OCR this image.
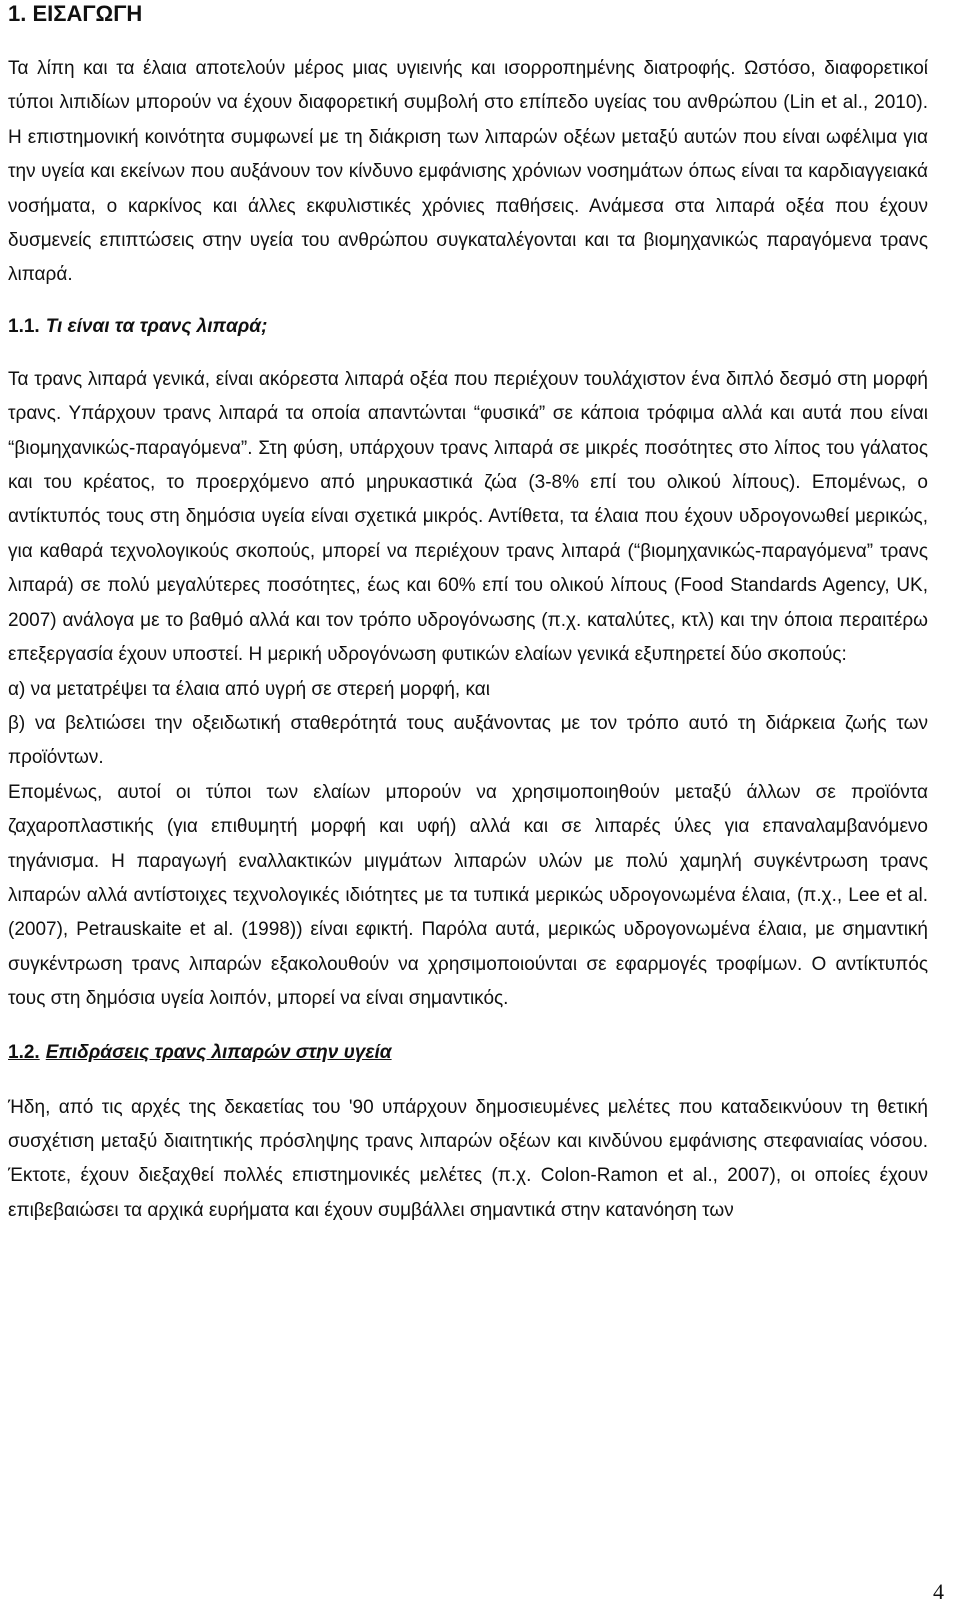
1. ΕΙΣΑΓΩΓΗ

Τα λίπη και τα έλαια αποτελούν μέρος μιας υγιεινής και ισορροπημένης διατροφής. Ωστόσο, διαφορετικοί τύποι λιπιδίων μπορούν να έχουν διαφορετική συμβολή στο επίπεδο υγείας του ανθρώπου (Lin et al., 2010). Η επιστημονική κοινότητα συμφωνεί με τη διάκριση των λιπαρών οξέων μεταξύ αυτών που είναι ωφέλιμα για την υγεία και εκείνων που αυξάνουν τον κίνδυνο εμφάνισης χρόνιων νοσημάτων όπως είναι τα καρδιαγγειακά νοσήματα, ο καρκίνος και άλλες εκφυλιστικές χρόνιες παθήσεις. Ανάμεσα στα λιπαρά οξέα που έχουν δυσμενείς επιπτώσεις στην υγεία του ανθρώπου συγκαταλέγονται και τα βιομηχανικώς παραγόμενα τρανς λιπαρά.

1.1. Τι είναι τα τρανς λιπαρά;

Τα τρανς λιπαρά γενικά, είναι ακόρεστα λιπαρά οξέα που περιέχουν τουλάχιστον ένα διπλό δεσμό στη μορφή τρανς. Υπάρχουν τρανς λιπαρά τα οποία απαντώνται “φυσικά” σε κάποια τρόφιμα αλλά και αυτά που είναι “βιομηχανικώς-παραγόμενα”. Στη φύση, υπάρχουν τρανς λιπαρά σε μικρές ποσότητες στο λίπος του γάλατος και του κρέατος, το προερχόμενο από μηρυκαστικά ζώα (3-8% επί του ολικού λίπους). Επομένως, ο αντίκτυπός τους στη δημόσια υγεία είναι σχετικά μικρός. Αντίθετα, τα έλαια που έχουν υδρογονωθεί μερικώς, για καθαρά τεχνολογικούς σκοπούς, μπορεί να περιέχουν τρανς λιπαρά (“βιομηχανικώς-παραγόμενα” τρανς λιπαρά) σε πολύ μεγαλύτερες ποσότητες, έως και 60% επί του ολικού λίπους (Food Standards Agency, UK, 2007) ανάλογα με το βαθμό αλλά και τον τρόπο υδρογόνωσης (π.χ. καταλύτες, κτλ) και την όποια περαιτέρω επεξεργασία έχουν υποστεί. Η μερική υδρογόνωση φυτικών ελαίων γενικά εξυπηρετεί δύο σκοπούς:

α) να μετατρέψει τα έλαια από υγρή σε στερεή μορφή, και

β) να βελτιώσει την οξειδωτική σταθερότητά τους αυξάνοντας με τον τρόπο αυτό τη διάρκεια ζωής των προϊόντων.

Επομένως, αυτοί οι τύποι των ελαίων μπορούν να χρησιμοποιηθούν μεταξύ άλλων σε προϊόντα ζαχαροπλαστικής (για επιθυμητή μορφή και υφή) αλλά και σε λιπαρές ύλες για επαναλαμβανόμενο τηγάνισμα. Η παραγωγή εναλλακτικών μιγμάτων λιπαρών υλών με πολύ χαμηλή συγκέντρωση τρανς λιπαρών αλλά αντίστοιχες τεχνολογικές ιδιότητες με τα τυπικά μερικώς υδρογονωμένα έλαια, (π.χ., Lee et al. (2007), Petrauskaite et al. (1998)) είναι εφικτή. Παρόλα αυτά, μερικώς υδρογονωμένα έλαια, με σημαντική συγκέντρωση τρανς λιπαρών εξακολουθούν να χρησιμοποιούνται σε εφαρμογές τροφίμων. Ο αντίκτυπός τους στη δημόσια υγεία λοιπόν, μπορεί να είναι σημαντικός.

1.2. Επιδράσεις τρανς λιπαρών στην υγεία

Ήδη, από τις αρχές της δεκαετίας του '90 υπάρχουν δημοσιευμένες μελέτες που καταδεικνύουν τη θετική συσχέτιση μεταξύ διαιτητικής πρόσληψης τρανς λιπαρών οξέων και κινδύνου εμφάνισης στεφανιαίας νόσου. Έκτοτε, έχουν διεξαχθεί πολλές επιστημονικές μελέτες (π.χ. Colon-Ramon et al., 2007), οι οποίες έχουν επιβεβαιώσει τα αρχικά ευρήματα και έχουν συμβάλλει σημαντικά στην κατανόηση των

4
